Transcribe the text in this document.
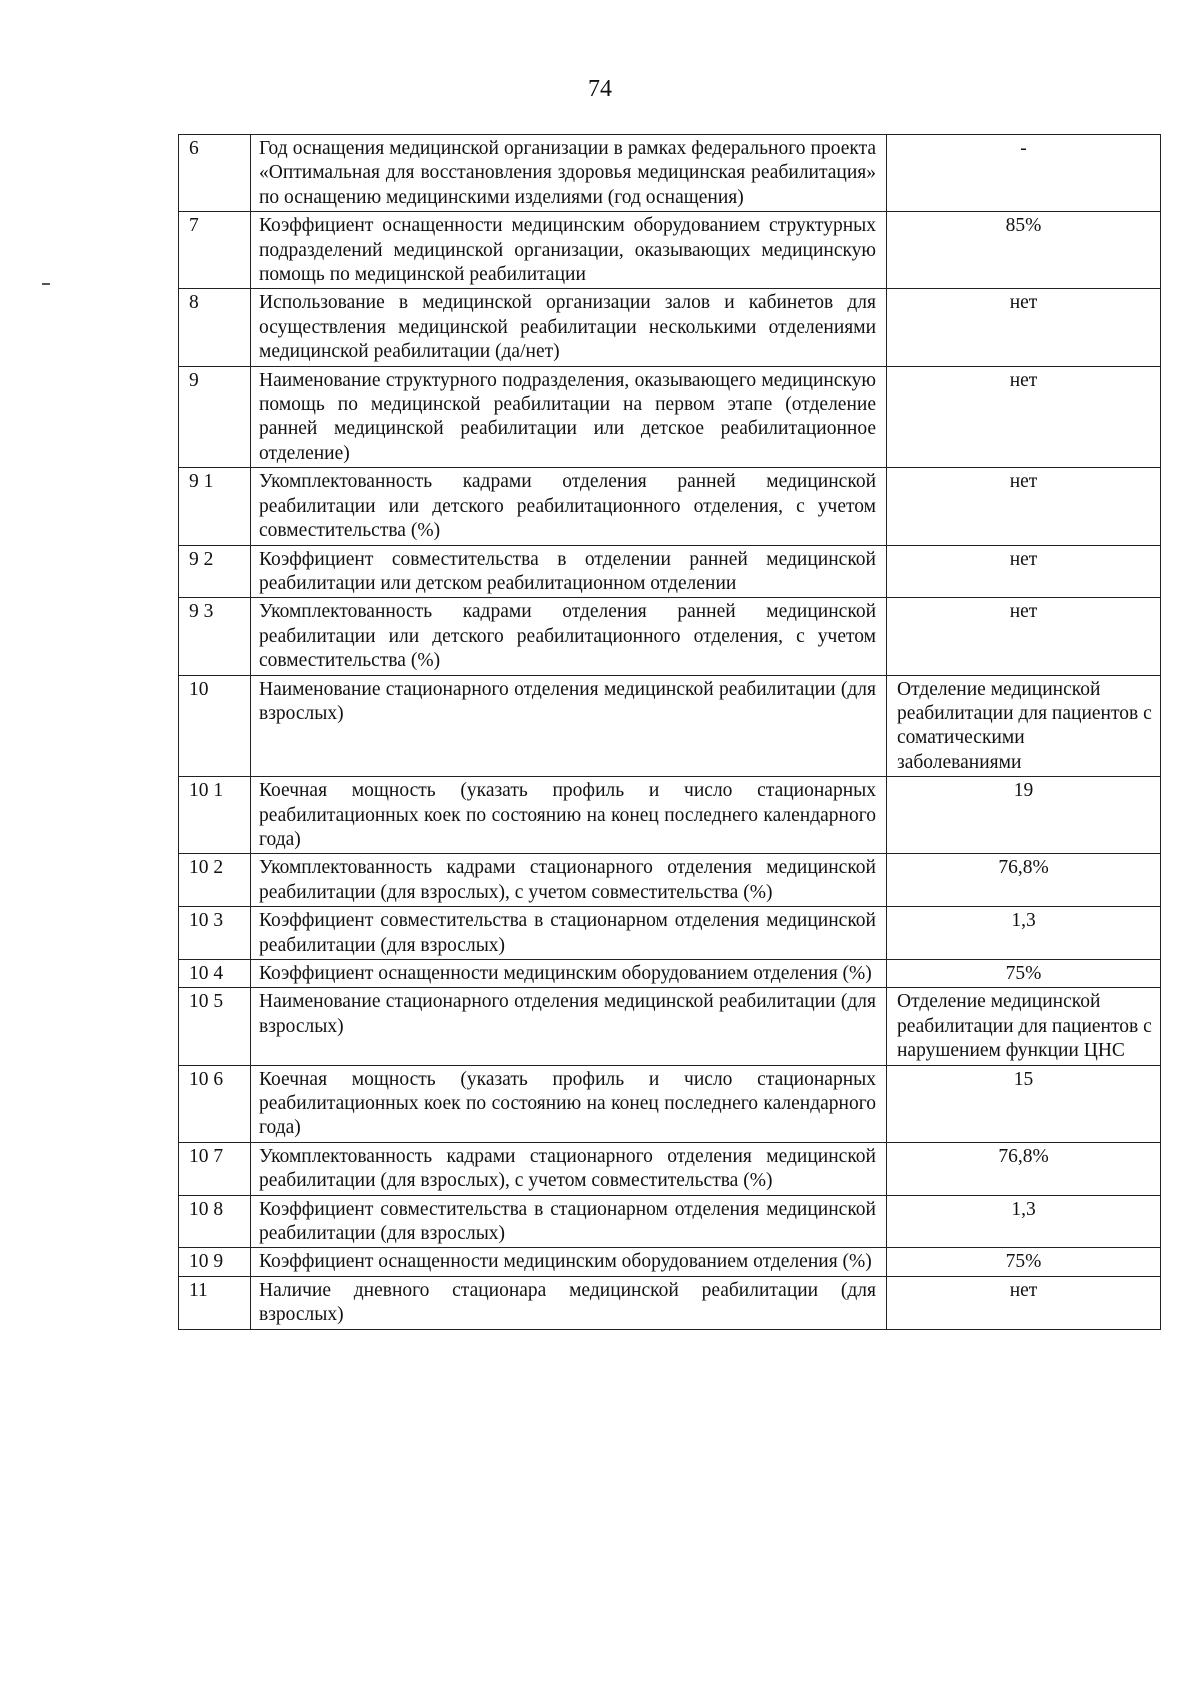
74
6	Год оснащения медицинской организации в рамках федерального проекта «Оптимальная для восстановления здоровья медицинская реабилитация» по оснащению медицинскими изделиями (год оснащения)	-
7	Коэффициент оснащенности медицинским оборудованием структурных подразделений медицинской организации, оказывающих медицинскую помощь по медицинской реабилитации	85%
8	Использование в медицинской организации залов и кабинетов для осуществления медицинской реабилитации несколькими отделениями медицинской реабилитации (да/нет)	нет
9	Наименование структурного подразделения, оказывающего медицинскую помощь по медицинской реабилитации на первом этапе (отделение ранней медицинской реабилитации или детское реабилитационное отделение)	нет
9 1	Укомплектованность кадрами отделения ранней медицинской реабилитации или детского реабилитационного отделения, с учетом совместительства (%)	нет
9 2	Коэффициент совместительства в отделении ранней медицинской реабилитации или детском реабилитационном отделении	нет
9 3	Укомплектованность кадрами отделения ранней медицинской реабилитации или детского реабилитационного отделения, с учетом совместительства (%)	нет
10	Наименование стационарного отделения медицинской реабилитации (для взрослых)	Отделение медицинской реабилитации для пациентов с соматическими заболеваниями
10 1	Коечная мощность (указать профиль и число стационарных реабилитационных коек по состоянию на конец последнего календарного года)	19
10 2	Укомплектованность кадрами стационарного отделения медицинской реабилитации (для взрослых), с учетом совместительства (%)	76,8%
10 3	Коэффициент совместительства в стационарном отделения медицинской реабилитации (для взрослых)	1,3
10 4	Коэффициент оснащенности медицинским оборудованием отделения (%)	75%
10 5	Наименование стационарного отделения медицинской реабилитации (для взрослых)	Отделение медицинской реабилитации для пациентов с нарушением функции ЦНС
10 6	Коечная мощность (указать профиль и число стационарных реабилитационных коек по состоянию на конец последнего календарного года)	15
10 7	Укомплектованность кадрами стационарного отделения медицинской реабилитации (для взрослых), с учетом совместительства (%)	76,8%
10 8	Коэффициент совместительства в стационарном отделения медицинской реабилитации (для взрослых)	1,3
10 9	Коэффициент оснащенности медицинским оборудованием отделения (%)	75%
11	Наличие дневного стационара медицинской реабилитации (для взрослых)	нет
